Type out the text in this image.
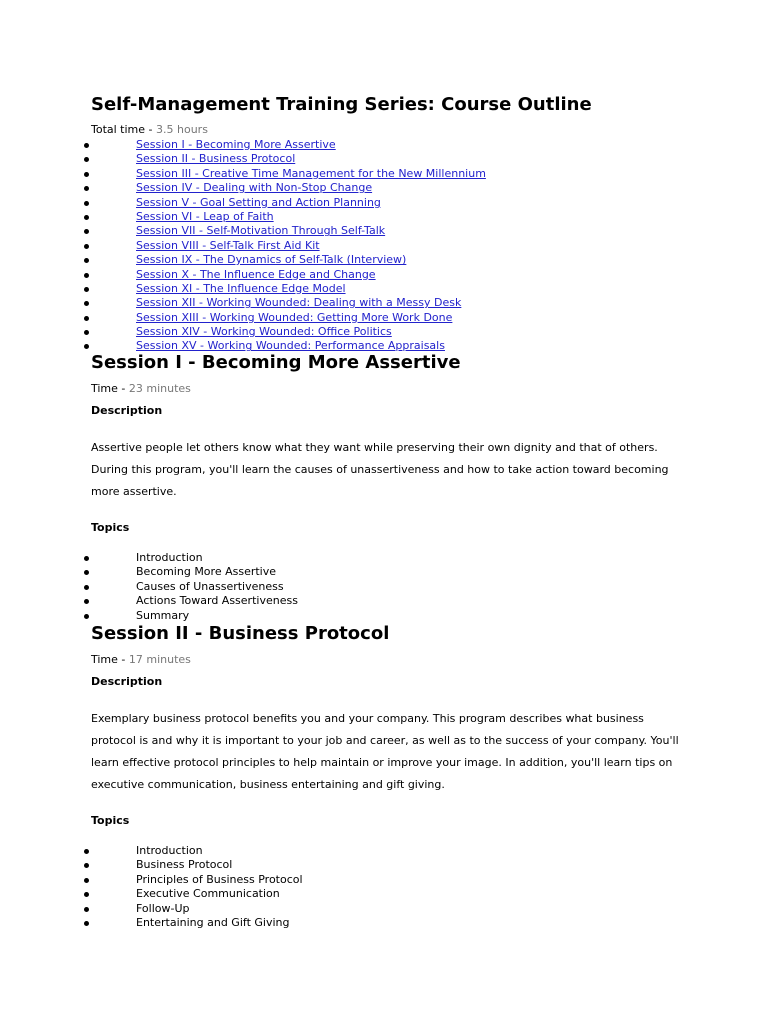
Self-Management Training Series: Course Outline
Total time - 3.5 hours
Session I - Becoming More Assertive
Session II - Business Protocol
Session III - Creative Time Management for the New Millennium
Session IV - Dealing with Non-Stop Change
Session V - Goal Setting and Action Planning
Session VI - Leap of Faith
Session VII - Self-Motivation Through Self-Talk
Session VIII - Self-Talk First Aid Kit
Session IX - The Dynamics of Self-Talk (Interview)
Session X - The Influence Edge and Change
Session XI - The Influence Edge Model
Session XII - Working Wounded: Dealing with a Messy Desk
Session XIII - Working Wounded: Getting More Work Done
Session XIV - Working Wounded: Office Politics
Session XV - Working Wounded: Performance Appraisals
Session I - Becoming More Assertive
Time - 23 minutes
Description

Assertive people let others know what they want while preserving their own dignity and that of others. During this program, you'll learn the causes of unassertiveness and how to take action toward becoming more assertive.

Topics
Introduction
Becoming More Assertive
Causes of Unassertiveness
Actions Toward Assertiveness
Summary
Session II - Business Protocol
Time - 17 minutes
Description

Exemplary business protocol benefits you and your company. This program describes what business protocol is and why it is important to your job and career, as well as to the success of your company. You'll learn effective protocol principles to help maintain or improve your image. In addition, you'll learn tips on executive communication, business entertaining and gift giving.

Topics
Introduction
Business Protocol
Principles of Business Protocol
Executive Communication
Follow-Up
Entertaining and Gift Giving
